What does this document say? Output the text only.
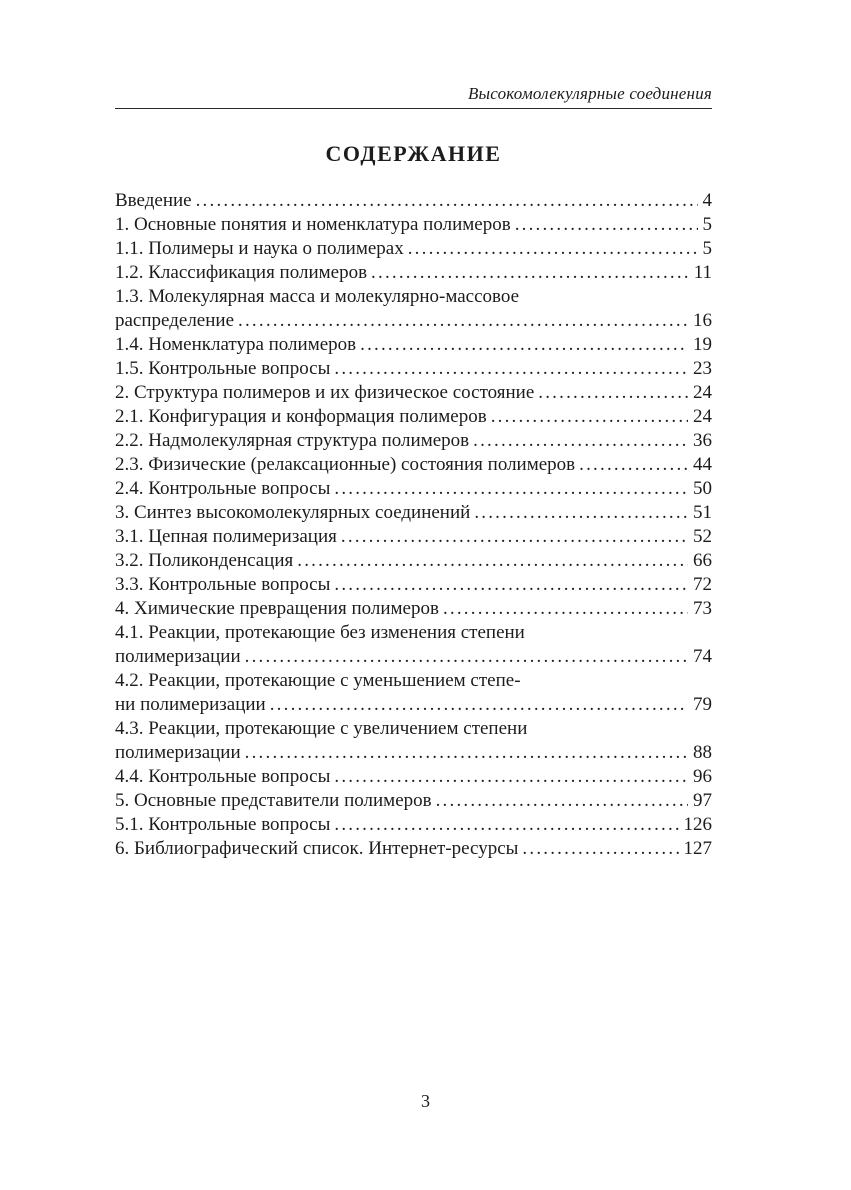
Высокомолекулярные соединения
СОДЕРЖАНИЕ
Введение .....	4
1. Основные понятия и номенклатура полимеров .....	5
1.1. Полимеры и наука о полимерах .....	5
1.2. Классификация полимеров .....	11
1.3. Молекулярная масса и молекулярно-массовое
распределение .....	16
1.4. Номенклатура полимеров .....	19
1.5. Контрольные вопросы .....	23
2. Структура полимеров и их физическое состояние .....	24
2.1. Конфигурация и конформация полимеров .....	24
2.2. Надмолекулярная структура полимеров .....	36
2.3. Физические (релаксационные) состояния полимеров .....	44
2.4. Контрольные вопросы .....	50
3. Синтез высокомолекулярных соединений .....	51
3.1. Цепная полимеризация .....	52
3.2. Поликонденсация .....	66
3.3. Контрольные вопросы .....	72
4. Химические превращения полимеров .....	73
4.1. Реакции, протекающие без изменения степени
полимеризации .....	74
4.2. Реакции, протекающие с уменьшением степе-
ни полимеризации .....	79
4.3. Реакции, протекающие с увеличением степени
полимеризации .....	88
4.4. Контрольные вопросы .....	96
5. Основные представители полимеров .....	97
5.1. Контрольные вопросы .....	126
6. Библиографический список. Интернет-ресурсы .....	127
3
